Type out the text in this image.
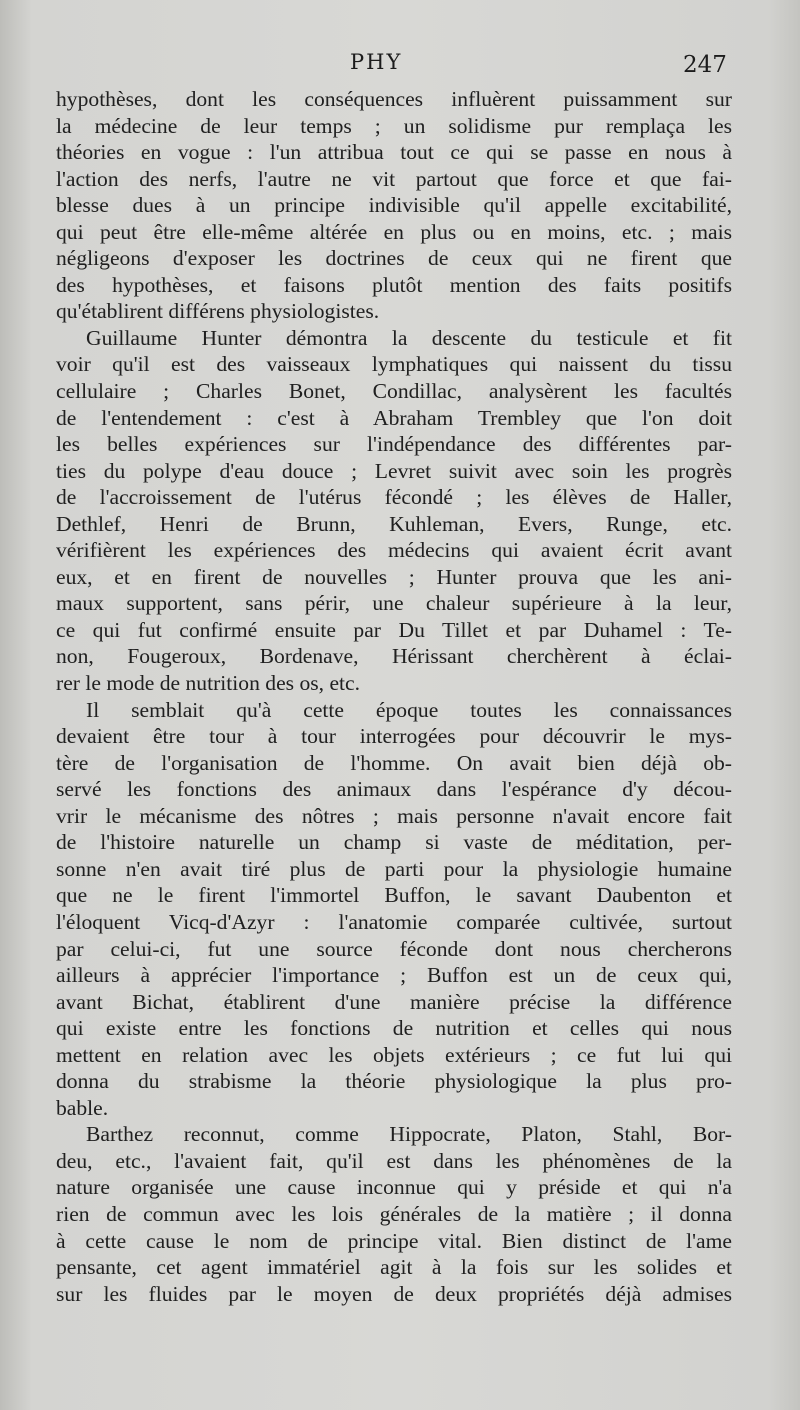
PHY	247
hypothèses, dont les conséquences influèrent puissamment sur
la médecine de leur temps ; un solidisme pur remplaça les
théories en vogue : l'un attribua tout ce qui se passe en nous à
l'action des nerfs, l'autre ne vit partout que force et que fai-
blesse dues à un principe indivisible qu'il appelle excitabilité,
qui peut être elle-même altérée en plus ou en moins, etc. ; mais
négligeons d'exposer les doctrines de ceux qui ne firent que
des hypothèses, et faisons plutôt mention des faits positifs
qu'établirent différens physiologistes.
Guillaume Hunter démontra la descente du testicule et fit
voir qu'il est des vaisseaux lymphatiques qui naissent du tissu
cellulaire ; Charles Bonet, Condillac, analysèrent les facultés
de l'entendement : c'est à Abraham Trembley que l'on doit
les belles expériences sur l'indépendance des différentes par-
ties du polype d'eau douce ; Levret suivit avec soin les progrès
de l'accroissement de l'utérus fécondé ; les élèves de Haller,
Dethlef, Henri de Brunn, Kuhleman, Evers, Runge, etc.
vérifièrent les expériences des médecins qui avaient écrit avant
eux, et en firent de nouvelles ; Hunter prouva que les ani-
maux supportent, sans périr, une chaleur supérieure à la leur,
ce qui fut confirmé ensuite par Du Tillet et par Duhamel : Te-
non, Fougeroux, Bordenave, Hérissant cherchèrent à éclai-
rer le mode de nutrition des os, etc.
Il semblait qu'à cette époque toutes les connaissances
devaient être tour à tour interrogées pour découvrir le mys-
tère de l'organisation de l'homme. On avait bien déjà ob-
servé les fonctions des animaux dans l'espérance d'y décou-
vrir le mécanisme des nôtres ; mais personne n'avait encore fait
de l'histoire naturelle un champ si vaste de méditation, per-
sonne n'en avait tiré plus de parti pour la physiologie humaine
que ne le firent l'immortel Buffon, le savant Daubenton et
l'éloquent Vicq-d'Azyr : l'anatomie comparée cultivée, surtout
par celui-ci, fut une source féconde dont nous chercherons
ailleurs à apprécier l'importance ; Buffon est un de ceux qui,
avant Bichat, établirent d'une manière précise la différence
qui existe entre les fonctions de nutrition et celles qui nous
mettent en relation avec les objets extérieurs ; ce fut lui qui
donna du strabisme la théorie physiologique la plus pro-
bable.
Barthez reconnut, comme Hippocrate, Platon, Stahl, Bor-
deu, etc., l'avaient fait, qu'il est dans les phénomènes de la
nature organisée une cause inconnue qui y préside et qui n'a
rien de commun avec les lois générales de la matière ; il donna
à cette cause le nom de principe vital. Bien distinct de l'ame
pensante, cet agent immatériel agit à la fois sur les solides et
sur les fluides par le moyen de deux propriétés déjà admises
